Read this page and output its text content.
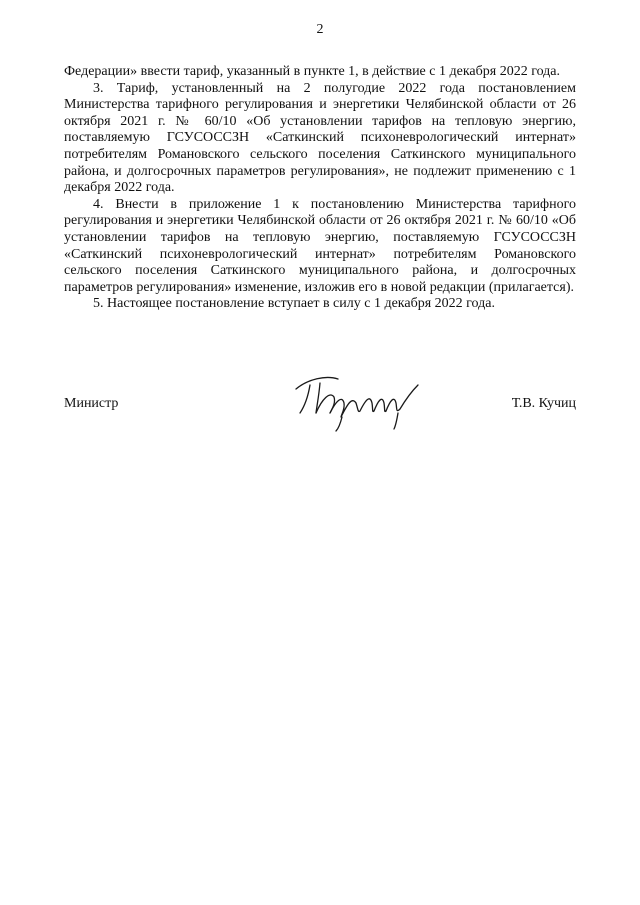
2

Федерации» ввести тариф, указанный в пункте 1, в действие с 1 декабря 2022 года.

3. Тариф, установленный на 2 полугодие 2022 года постановлением Министерства тарифного регулирования и энергетики Челябинской области от 26 октября 2021 г. № 60/10 «Об установлении тарифов на тепловую энергию, поставляемую ГСУСОССЗН «Саткинский психоневрологический интернат» потребителям Романовского сельского поселения Саткинского муниципального района, и долгосрочных параметров регулирования», не подлежит применению с 1 декабря 2022 года.

4. Внести в приложение 1 к постановлению Министерства тарифного регулирования и энергетики Челябинской области от 26 октября 2021 г. № 60/10 «Об установлении тарифов на тепловую энергию, поставляемую ГСУСОССЗН «Саткинский психоневрологический интернат» потребителям Романовского сельского поселения Саткинского муниципального района, и долгосрочных параметров регулирования» изменение, изложив его в новой редакции (прилагается).

5. Настоящее постановление вступает в силу с 1 декабря 2022 года.

Министр	Т.В. Кучиц
